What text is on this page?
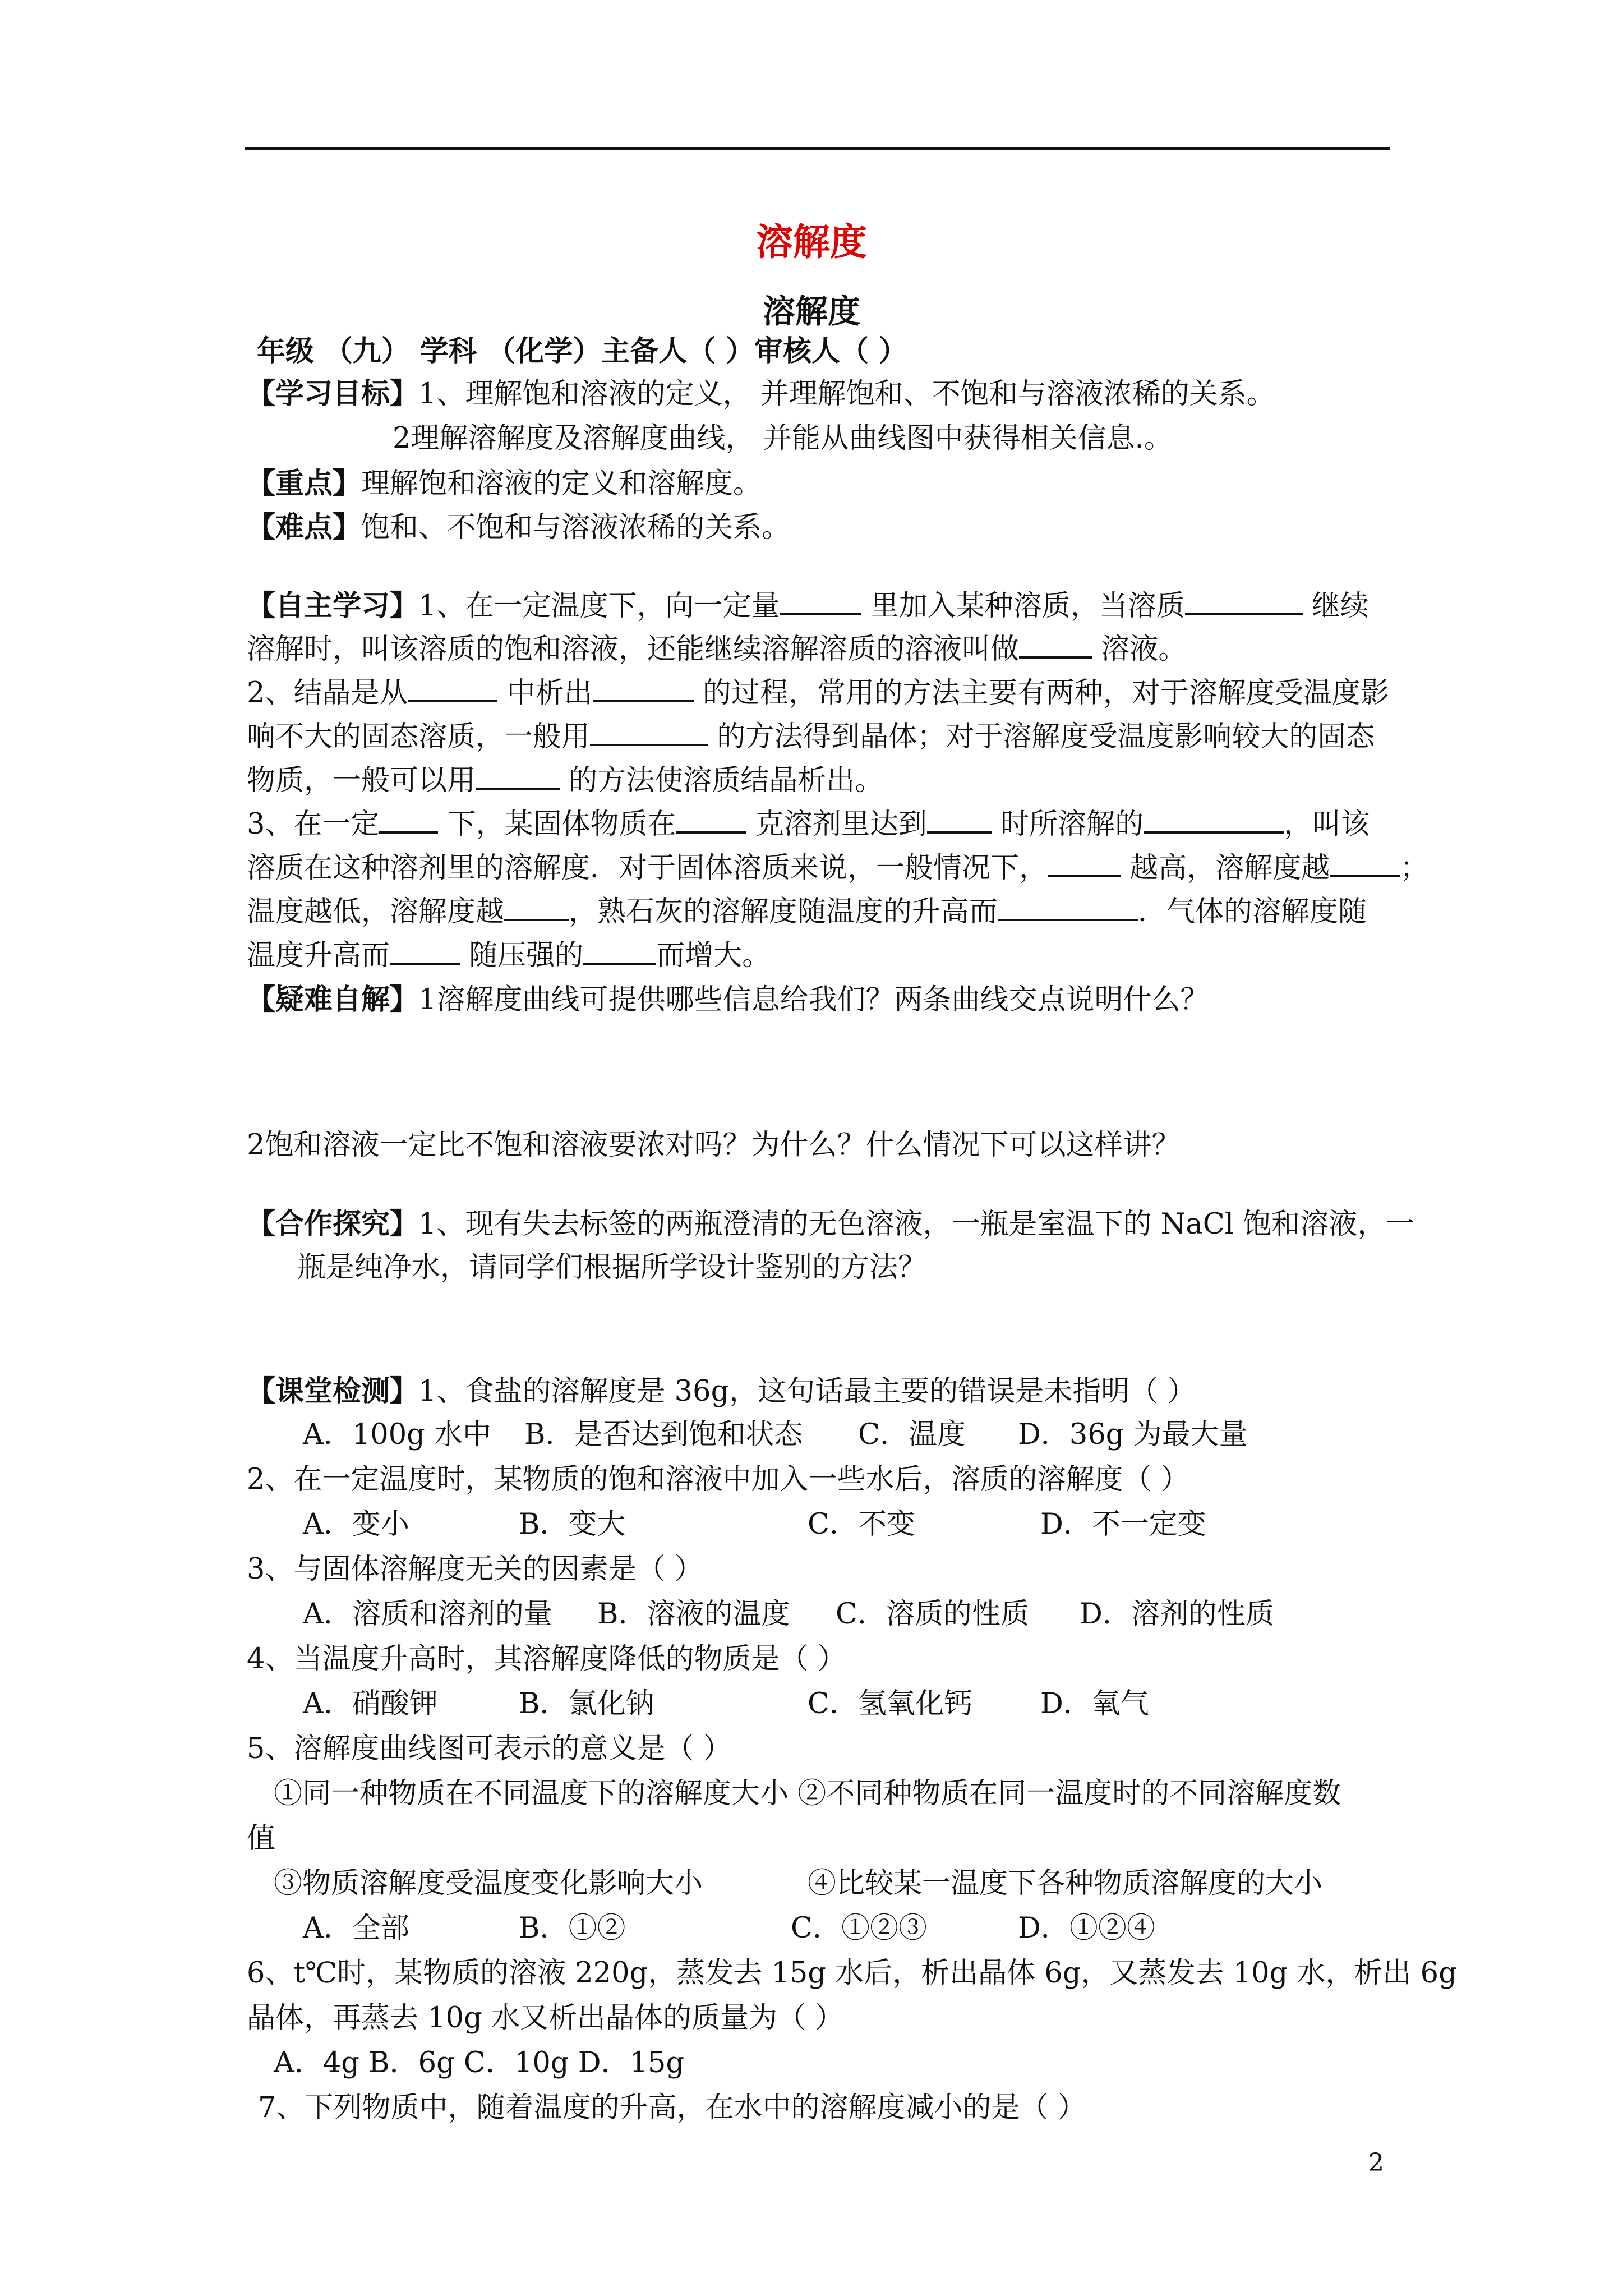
溶解度
溶解度
年级 （九） 学科 （化学）主备人（ ）审核人（ ）
【学习目标】1、理解饱和溶液的定义， 并理解饱和、不饱和与溶液浓稀的关系。
2理解溶解度及溶解度曲线， 并能从曲线图中获得相关信息.。
【重点】理解饱和溶液的定义和溶解度。
【难点】饱和、不饱和与溶液浓稀的关系。
【自主学习】1、在一定温度下，向一定量	里加入某种溶质，当溶质	继续
溶解时，叫该溶质的饱和溶液，还能继续溶解溶质的溶液叫做	溶液。
2、结晶是从	中析出	的过程，常用的方法主要有两种，对于溶解度受温度影
响不大的固态溶质，一般用	的方法得到晶体；对于溶解度受温度影响较大的固态
物质，一般可以用	的方法使溶质结晶析出。
3、在一定 下，某固体物质在 克溶剂里达到 时所溶解的	，叫该
溶质在这种溶剂里的溶解度．对于固体溶质来说，一般情况下，	越高，溶解度越 ；
温度越低，溶解度越 ，熟石灰的溶解度随温度的升高而	．气体的溶解度随
温度升高而 随压强的	而增大。
【疑难自解】1溶解度曲线可提供哪些信息给我们？两条曲线交点说明什么？
2饱和溶液一定比不饱和溶液要浓对吗？为什么？什么情况下可以这样讲？
【合作探究】1、现有失去标签的两瓶澄清的无色溶液，一瓶是室温下的 NaCl 饱和溶液，一
瓶是纯净水，请同学们根据所学设计鉴别的方法？
【课堂检测】1、食盐的溶解度是 36g，这句话最主要的错误是未指明（ ）
A．100g 水中 B．是否达到饱和状态 C．温度 D．36g 为最大量
2、在一定温度时，某物质的饱和溶液中加入一些水后，溶质的溶解度（ ）
A．变小	B．变大	C．不变	D．不一定变
3、与固体溶解度无关的因素是（ ）
A．溶质和溶剂的量 B．溶液的温度 C．溶质的性质 D．溶剂的性质
4、当温度升高时，其溶解度降低的物质是（ ）
A．硝酸钾	B．氯化钠	C．氢氧化钙 D．氧气
5、溶解度曲线图可表示的意义是（ ）
①同一种物质在不同温度下的溶解度大小 ②不同种物质在同一温度时的不同溶解度数
值
③物质溶解度受温度变化影响大小	④比较某一温度下各种物质溶解度的大小
A．全部	B．①②	C．①②③	D．①②④
6、t℃时，某物质的溶液 220g，蒸发去 15g 水后，析出晶体 6g，又蒸发去 10g 水，析出 6g
晶体，再蒸去 10g 水又析出晶体的质量为（ ）
A．4g B．6g C．10g D．15g
7、下列物质中，随着温度的升高，在水中的溶解度减小的是（ ）
2
